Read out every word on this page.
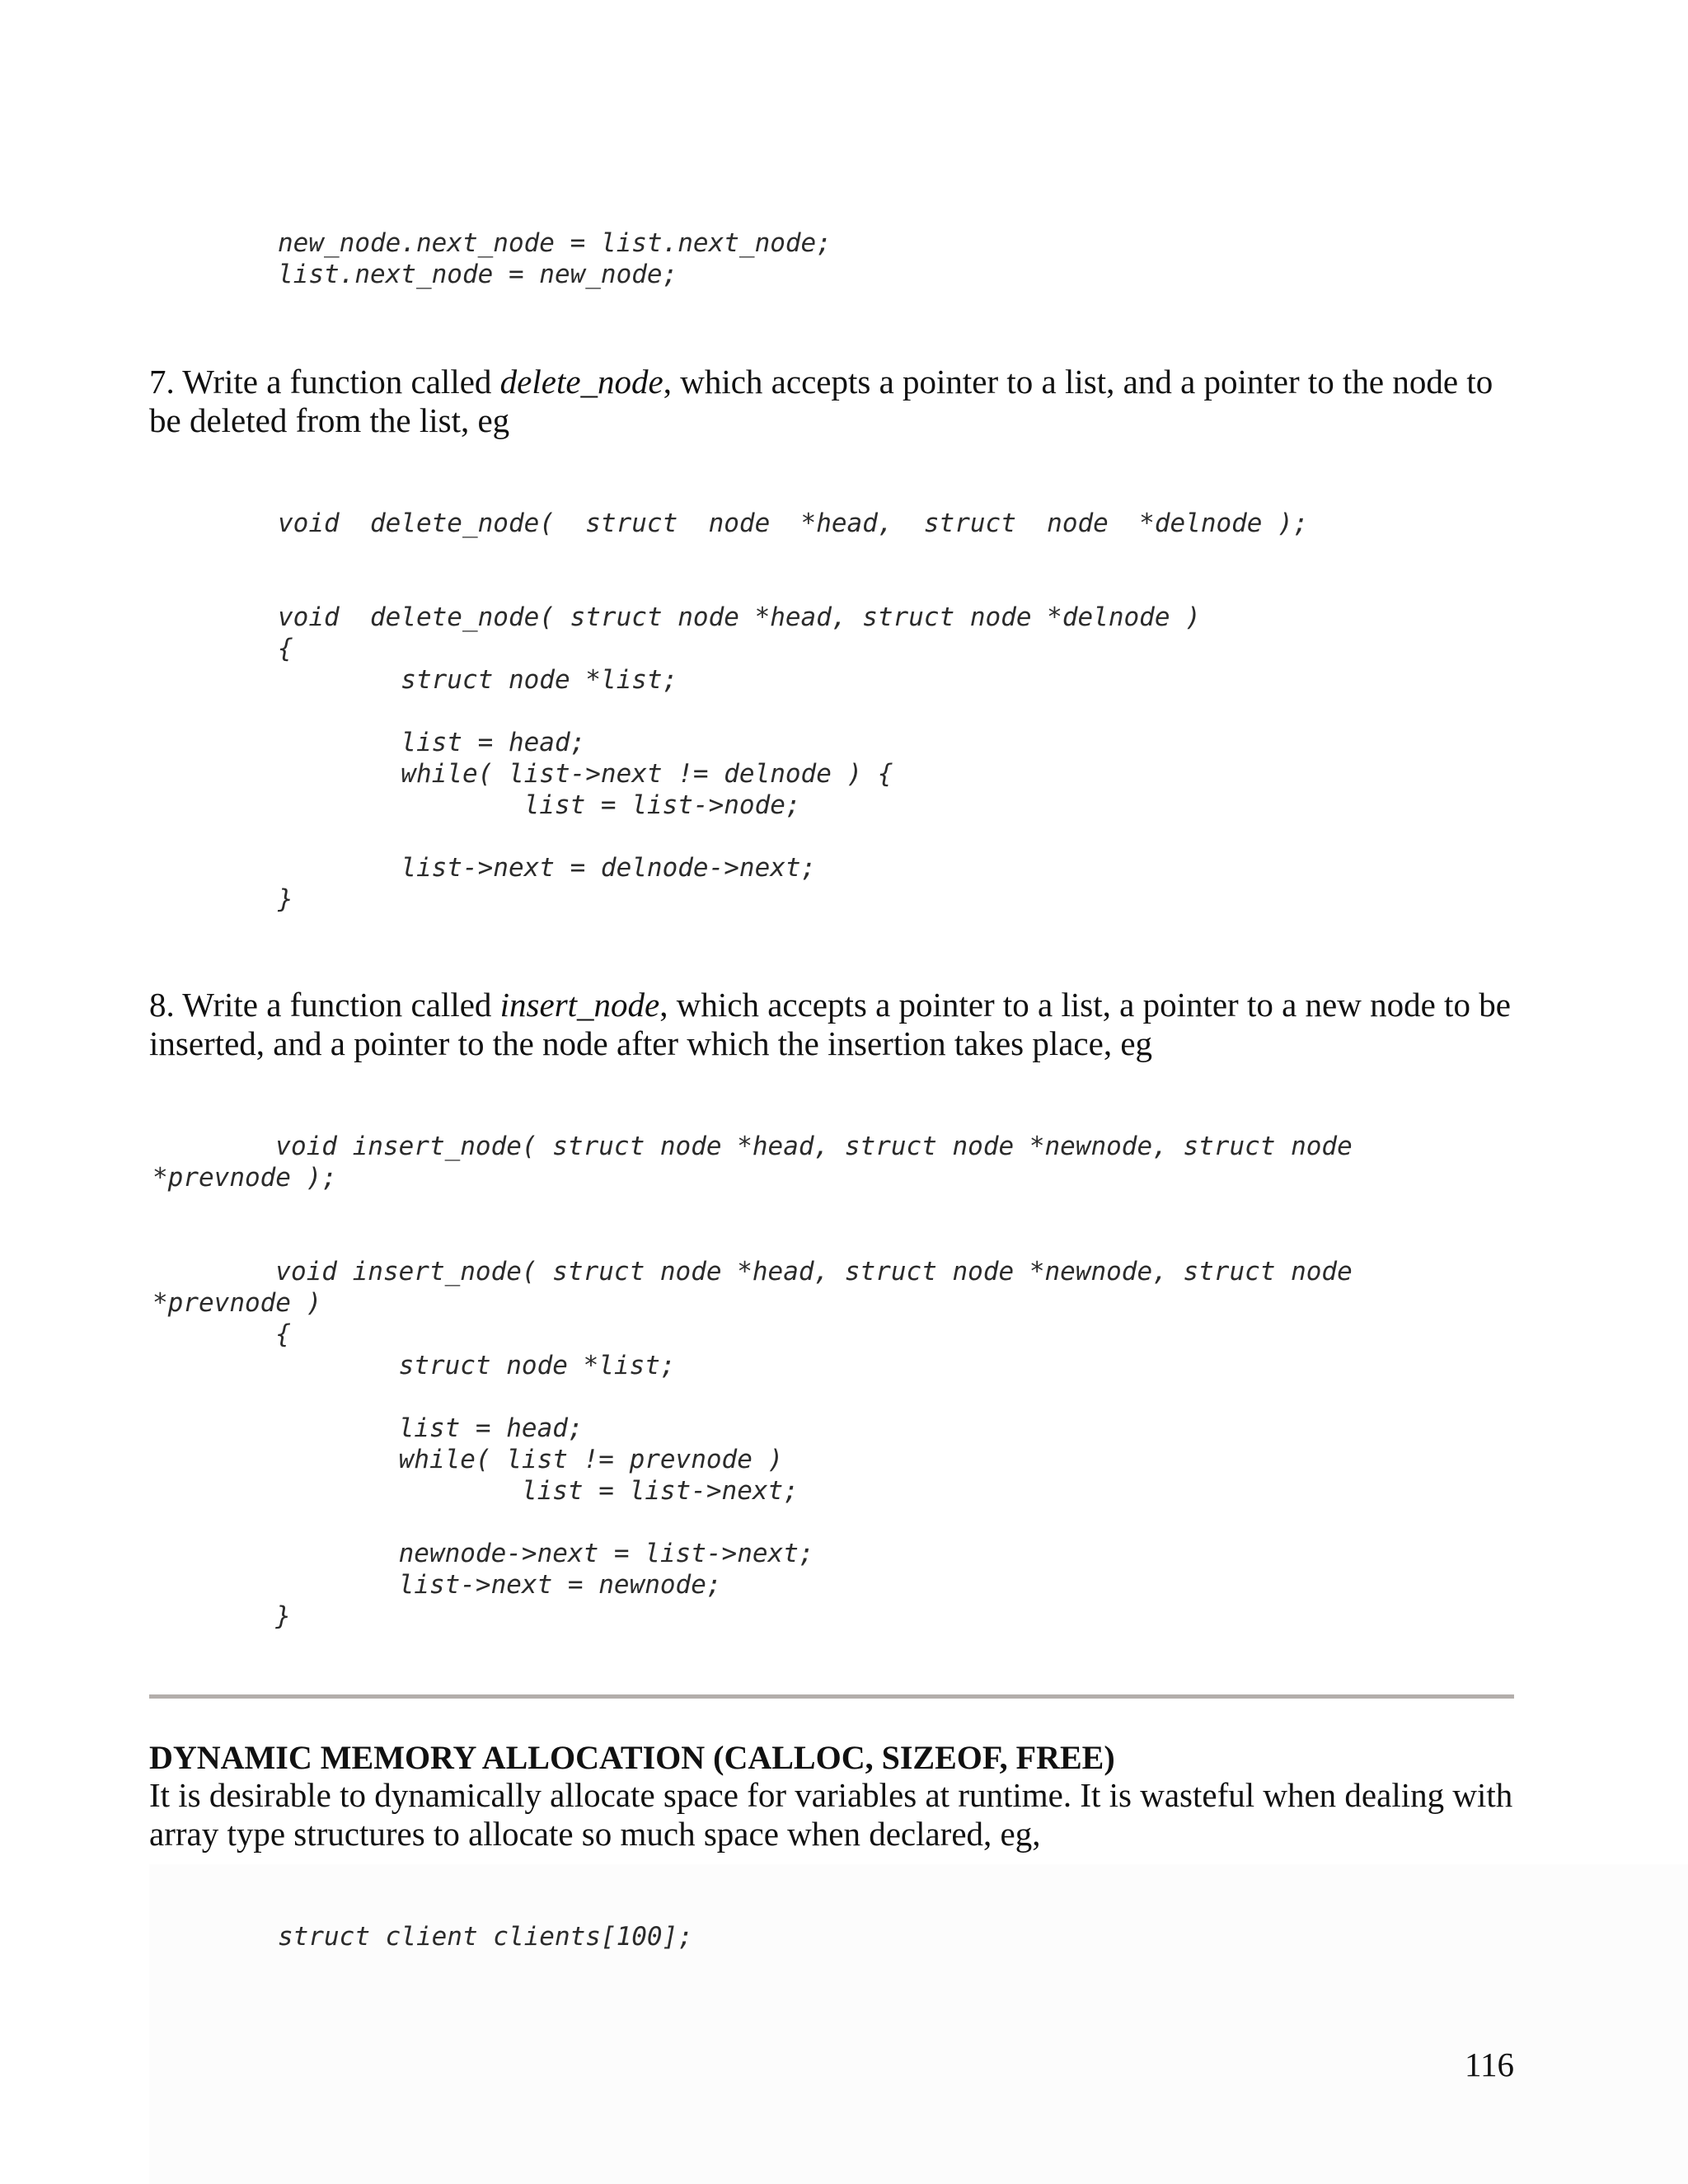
new_node.next_node = list.next_node;
list.next_node = new_node;

7. Write a function called delete_node, which accepts a pointer to a list, and a pointer to the node to be deleted from the list, eg

void  delete_node(  struct  node  *head,  struct  node  *delnode );
void  delete_node( struct node *head, struct node *delnode )
{
struct node *list;

list = head;
while( list->next != delnode ) {
list = list->node;

list->next = delnode->next;
}

8. Write a function called insert_node, which accepts a pointer to a list, a pointer to a new node to be inserted, and a pointer to the node after which the insertion takes place, eg

void insert_node( struct node *head, struct node *newnode, struct node
*prevnode );
void insert_node( struct node *head, struct node *newnode, struct node
*prevnode )
{
struct node *list;

list = head;
while( list != prevnode )
list = list->next;

newnode->next = list->next;
list->next = newnode;
}
DYNAMIC MEMORY ALLOCATION (CALLOC, SIZEOF, FREE)

It is desirable to dynamically allocate space for variables at runtime. It is wasteful when dealing with array type structures to allocate so much space when declared, eg,

struct client clients[100];
116
